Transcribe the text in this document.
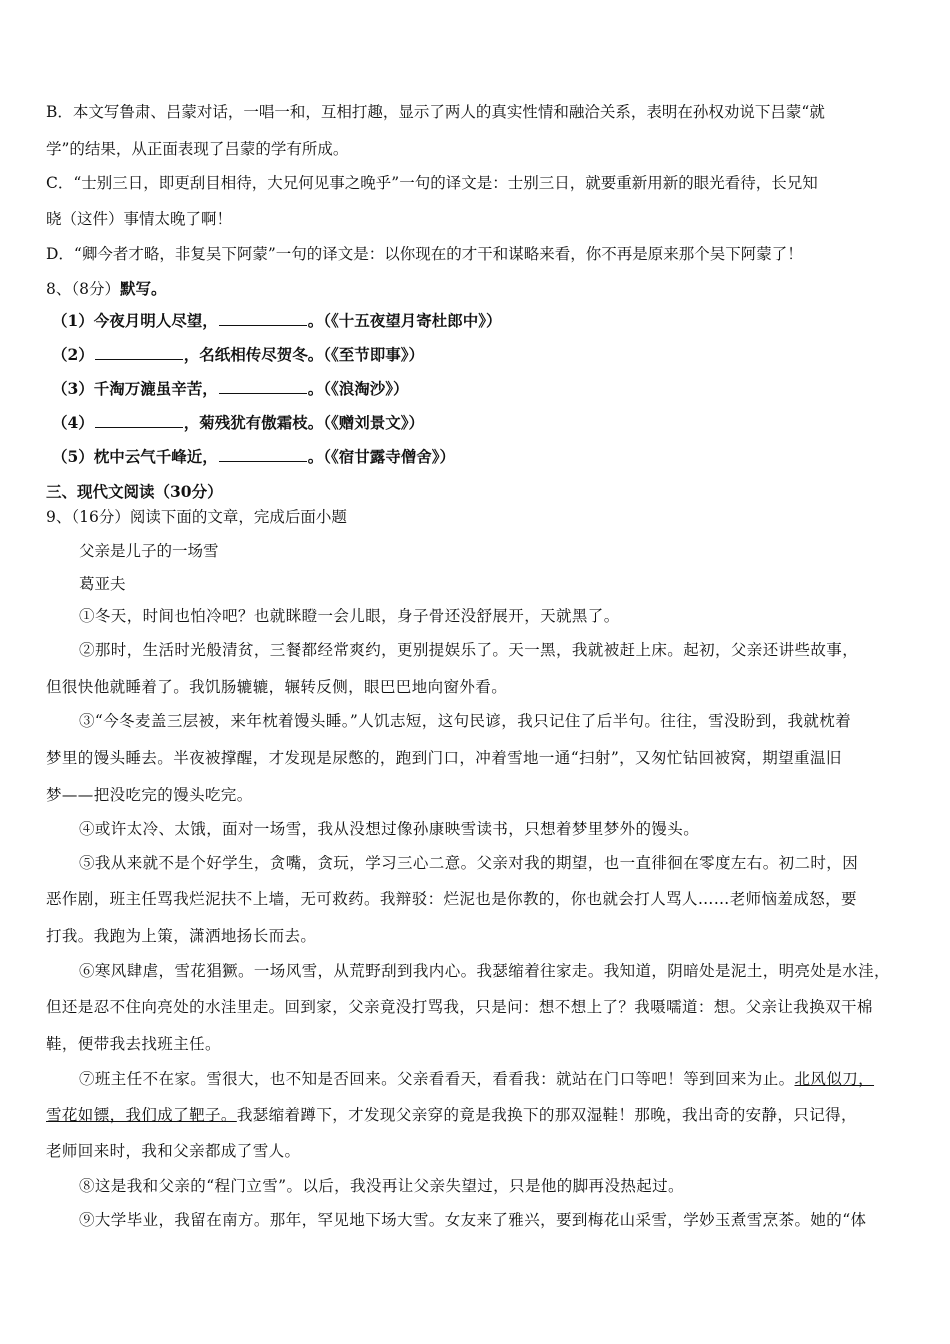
B．本文写鲁肃、吕蒙对话，一唱一和，互相打趣，显示了两人的真实性情和融洽关系，表明在孙权劝说下吕蒙“就
学”的结果，从正面表现了吕蒙的学有所成。
C．“士别三日，即更刮目相待，大兄何见事之晚乎”一句的译文是：士别三日，就要重新用新的眼光看待，长兄知
晓（这件）事情太晚了啊！
D．“卿今者才略，非复吴下阿蒙”一句的译文是：以你现在的才干和谋略来看，你不再是原来那个吴下阿蒙了！
8、（8分）默写。
（1）今夜月明人尽望，	。（《十五夜望月寄杜郎中》）
（2）	，名纸相传尽贺冬。（《至节即事》）
（3）千淘万漉虽辛苦，	。（《浪淘沙》）
（4）	，菊残犹有傲霜枝。（《赠刘景文》）
（5）枕中云气千峰近，	。（《宿甘露寺僧舍》）
三、现代文阅读（30分）
9、（16分）阅读下面的文章，完成后面小题
父亲是儿子的一场雪
葛亚夫
①冬天，时间也怕冷吧？也就眯瞪一会儿眼，身子骨还没舒展开，天就黑了。
②那时，生活时光般清贫，三餐都经常爽约，更别提娱乐了。天一黑，我就被赶上床。起初，父亲还讲些故事，
但很快他就睡着了。我饥肠辘辘，辗转反侧，眼巴巴地向窗外看。
③“今冬麦盖三层被，来年枕着馒头睡。”人饥志短，这句民谚，我只记住了后半句。往往，雪没盼到，我就枕着
梦里的馒头睡去。半夜被撑醒，才发现是尿憋的，跑到门口，冲着雪地一通“扫射”，又匆忙钻回被窝，期望重温旧
梦——把没吃完的馒头吃完。
④或许太冷、太饿，面对一场雪，我从没想过像孙康映雪读书，只想着梦里梦外的馒头。
⑤我从来就不是个好学生，贪嘴，贪玩，学习三心二意。父亲对我的期望，也一直徘徊在零度左右。初二时，因
恶作剧，班主任骂我烂泥扶不上墙，无可救药。我辩驳：烂泥也是你教的，你也就会打人骂人……老师恼羞成怒，要
打我。我跑为上策，潇洒地扬长而去。
⑥寒风肆虐，雪花猖獗。一场风雪，从荒野刮到我内心。我瑟缩着往家走。我知道，阴暗处是泥土，明亮处是水洼，
但还是忍不住向亮处的水洼里走。回到家，父亲竟没打骂我，只是问：想不想上了？我嗫嚅道：想。父亲让我换双干棉
鞋，便带我去找班主任。
⑦班主任不在家。雪很大，也不知是否回来。父亲看看天，看看我：就站在门口等吧！等到回来为止。北风似刀，
雪花如镖，我们成了靶子。我瑟缩着蹲下，才发现父亲穿的竟是我换下的那双湿鞋！那晚，我出奇的安静，只记得，
老师回来时，我和父亲都成了雪人。
⑧这是我和父亲的“程门立雪”。以后，我没再让父亲失望过，只是他的脚再没热起过。
⑨大学毕业，我留在南方。那年，罕见地下场大雪。女友来了雅兴，要到梅花山采雪，学妙玉煮雪烹茶。她的“体
